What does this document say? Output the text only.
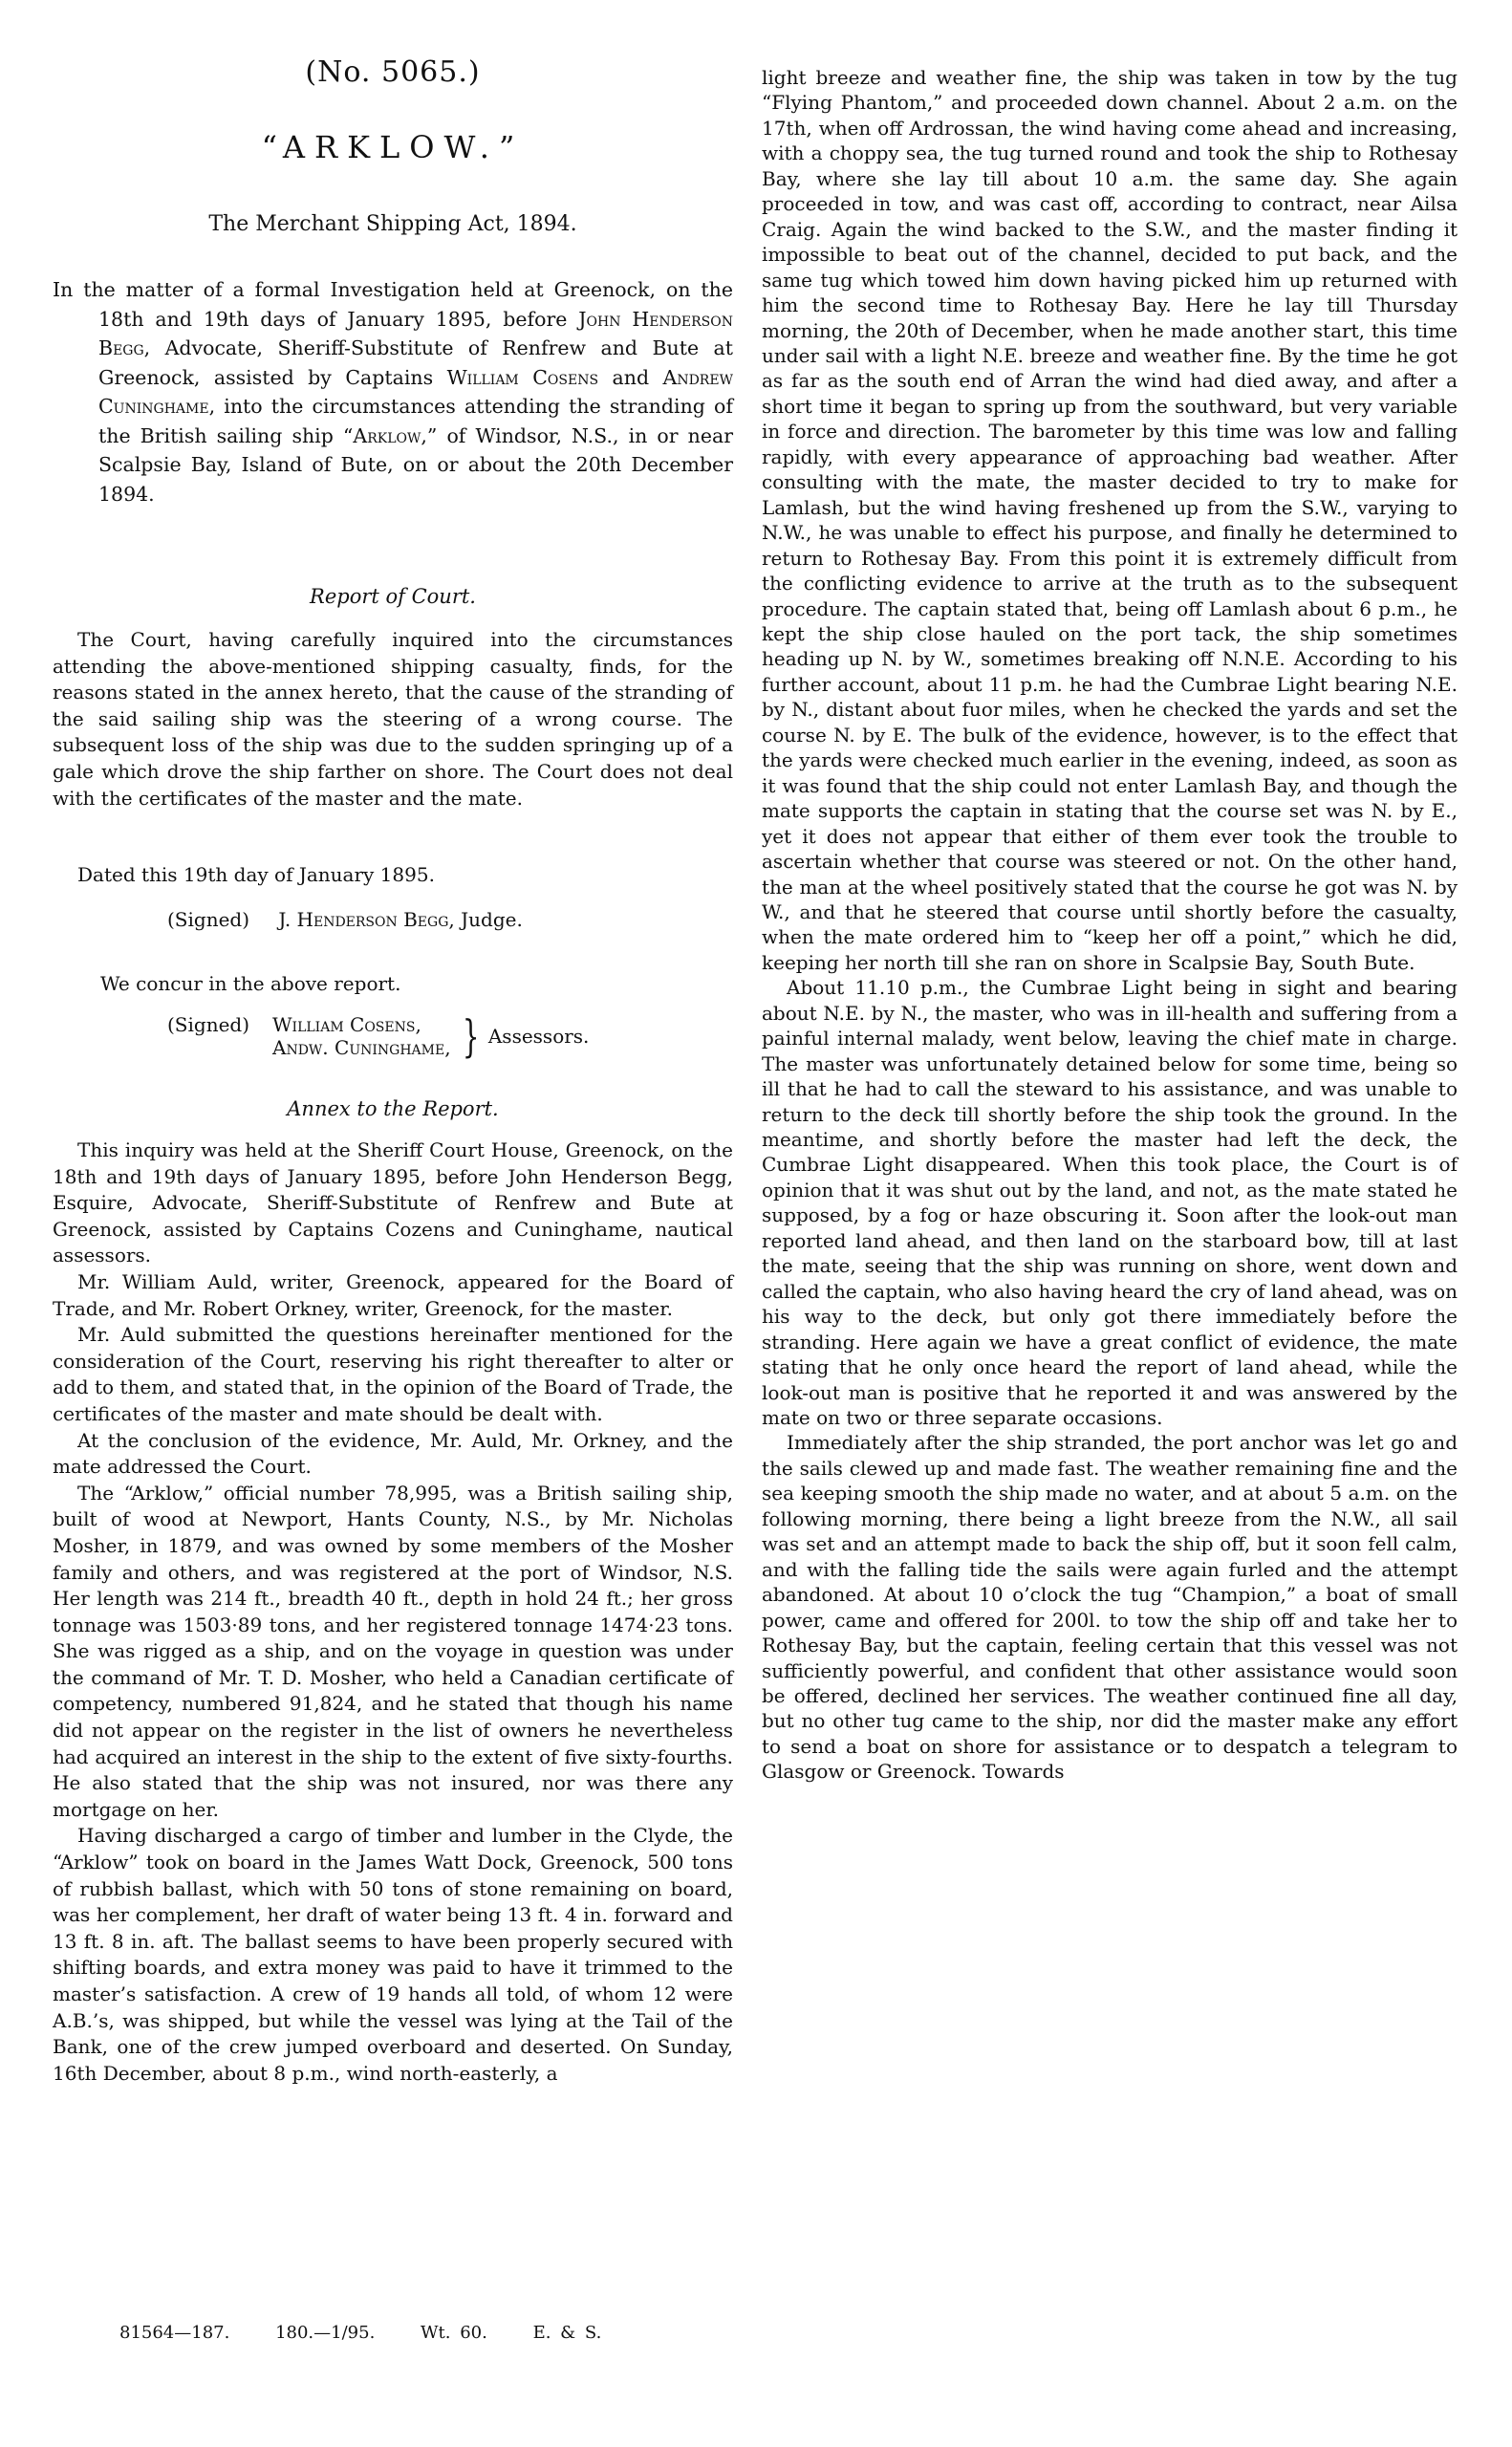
(No. 5065.)
“ARKLOW.”
The Merchant Shipping Act, 1894.
In the matter of a formal Investigation held at Greenock, on the 18th and 19th days of January 1895, before John Henderson Begg, Advocate, Sheriff-Substitute of Renfrew and Bute at Greenock, assisted by Captains William Cosens and Andrew Cuninghame, into the circumstances attending the stranding of the British sailing ship “Arklow,” of Windsor, N.S., in or near Scalpsie Bay, Island of Bute, on or about the 20th December 1894.
Report of Court.

The Court, having carefully inquired into the circumstances attending the above-mentioned shipping casualty, finds, for the reasons stated in the annex hereto, that the cause of the stranding of the said sailing ship was the steering of a wrong course. The subsequent loss of the ship was due to the sudden springing up of a gale which drove the ship farther on shore. The Court does not deal with the certificates of the master and the mate.

Dated this 19th day of January 1895.
(Signed) J. Henderson Begg, Judge.
We concur in the above report.
(Signed)	William Cosens,
Andw. Cuninghame, } Assessors.
Annex to the Report.

This inquiry was held at the Sheriff Court House, Greenock, on the 18th and 19th days of January 1895, before John Henderson Begg, Esquire, Advocate, Sheriff-Substitute of Renfrew and Bute at Greenock, assisted by Captains Cozens and Cuninghame, nautical assessors.

Mr. William Auld, writer, Greenock, appeared for the Board of Trade, and Mr. Robert Orkney, writer, Greenock, for the master.

Mr. Auld submitted the questions hereinafter mentioned for the consideration of the Court, reserving his right thereafter to alter or add to them, and stated that, in the opinion of the Board of Trade, the certificates of the master and mate should be dealt with.

At the conclusion of the evidence, Mr. Auld, Mr. Orkney, and the mate addressed the Court.

The “Arklow,” official number 78,995, was a British sailing ship, built of wood at Newport, Hants County, N.S., by Mr. Nicholas Mosher, in 1879, and was owned by some members of the Mosher family and others, and was registered at the port of Windsor, N.S. Her length was 214 ft., breadth 40 ft., depth in hold 24 ft.; her gross tonnage was 1503·89 tons, and her registered tonnage 1474·23 tons. She was rigged as a ship, and on the voyage in question was under the command of Mr. T. D. Mosher, who held a Canadian certificate of competency, numbered 91,824, and he stated that though his name did not appear on the register in the list of owners he nevertheless had acquired an interest in the ship to the extent of five sixty-fourths. He also stated that the ship was not insured, nor was there any mortgage on her.

Having discharged a cargo of timber and lumber in the Clyde, the “Arklow” took on board in the James Watt Dock, Greenock, 500 tons of rubbish ballast, which with 50 tons of stone remaining on board, was her complement, her draft of water being 13 ft. 4 in. forward and 13 ft. 8 in. aft. The ballast seems to have been properly secured with shifting boards, and extra money was paid to have it trimmed to the master’s satisfaction. A crew of 19 hands all told, of whom 12 were A.B.’s, was shipped, but while the vessel was lying at the Tail of the Bank, one of the crew jumped overboard and deserted. On Sunday, 16th December, about 8 p.m., wind north-easterly, a

81564—187.	180.—1/95.	Wt. 60.	E. & S.

light breeze and weather fine, the ship was taken in tow by the tug “Flying Phantom,” and proceeded down channel. About 2 a.m. on the 17th, when off Ardrossan, the wind having come ahead and increasing, with a choppy sea, the tug turned round and took the ship to Rothesay Bay, where she lay till about 10 a.m. the same day. She again proceeded in tow, and was cast off, according to contract, near Ailsa Craig. Again the wind backed to the S.W., and the master finding it impossible to beat out of the channel, decided to put back, and the same tug which towed him down having picked him up returned with him the second time to Rothesay Bay. Here he lay till Thursday morning, the 20th of December, when he made another start, this time under sail with a light N.E. breeze and weather fine. By the time he got as far as the south end of Arran the wind had died away, and after a short time it began to spring up from the southward, but very variable in force and direction. The barometer by this time was low and falling rapidly, with every appearance of approaching bad weather. After consulting with the mate, the master decided to try to make for Lamlash, but the wind having freshened up from the S.W., varying to N.W., he was unable to effect his purpose, and finally he determined to return to Rothesay Bay. From this point it is extremely difficult from the conflicting evidence to arrive at the truth as to the subsequent procedure. The captain stated that, being off Lamlash about 6 p.m., he kept the ship close hauled on the port tack, the ship sometimes heading up N. by W., sometimes breaking off N.N.E. According to his further account, about 11 p.m. he had the Cumbrae Light bearing N.E. by N., distant about fuor miles, when he checked the yards and set the course N. by E. The bulk of the evidence, however, is to the effect that the yards were checked much earlier in the evening, indeed, as soon as it was found that the ship could not enter Lamlash Bay, and though the mate supports the captain in stating that the course set was N. by E., yet it does not appear that either of them ever took the trouble to ascertain whether that course was steered or not. On the other hand, the man at the wheel positively stated that the course he got was N. by W., and that he steered that course until shortly before the casualty, when the mate ordered him to “keep her off a point,” which he did, keeping her north till she ran on shore in Scalpsie Bay, South Bute.

About 11.10 p.m., the Cumbrae Light being in sight and bearing about N.E. by N., the master, who was in ill-health and suffering from a painful internal malady, went below, leaving the chief mate in charge. The master was unfortunately detained below for some time, being so ill that he had to call the steward to his assistance, and was unable to return to the deck till shortly before the ship took the ground. In the meantime, and shortly before the master had left the deck, the Cumbrae Light disappeared. When this took place, the Court is of opinion that it was shut out by the land, and not, as the mate stated he supposed, by a fog or haze obscuring it. Soon after the look-out man reported land ahead, and then land on the starboard bow, till at last the mate, seeing that the ship was running on shore, went down and called the captain, who also having heard the cry of land ahead, was on his way to the deck, but only got there immediately before the stranding. Here again we have a great conflict of evidence, the mate stating that he only once heard the report of land ahead, while the look-out man is positive that he reported it and was answered by the mate on two or three separate occasions.

Immediately after the ship stranded, the port anchor was let go and the sails clewed up and made fast. The weather remaining fine and the sea keeping smooth the ship made no water, and at about 5 a.m. on the following morning, there being a light breeze from the N.W., all sail was set and an attempt made to back the ship off, but it soon fell calm, and with the falling tide the sails were again furled and the attempt abandoned. At about 10 o’clock the tug “Champion,” a boat of small power, came and offered for 200l. to tow the ship off and take her to Rothesay Bay, but the captain, feeling certain that this vessel was not sufficiently powerful, and confident that other assistance would soon be offered, declined her services. The weather continued fine all day, but no other tug came to the ship, nor did the master make any effort to send a boat on shore for assistance or to despatch a telegram to Glasgow or Greenock. Towards
